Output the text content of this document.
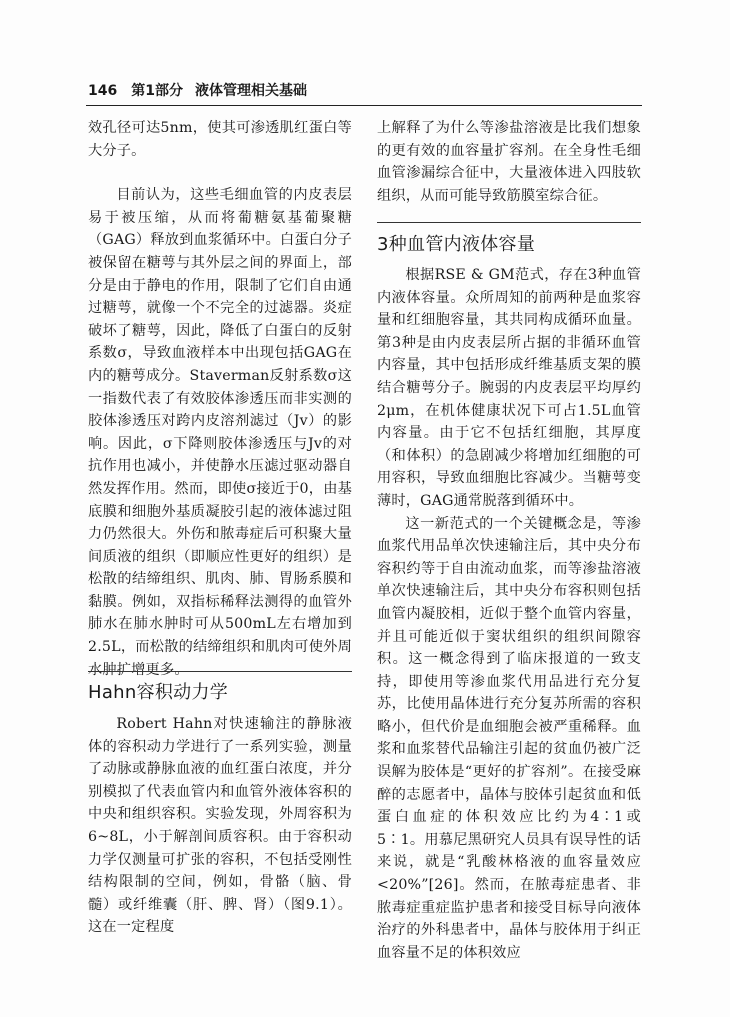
146 第1部分 液体管理相关基础

效孔径可达5nm，使其可渗透肌红蛋白等大分子。

目前认为，这些毛细血管的内皮表层易于被压缩，从而将葡糖氨基葡聚糖（GAG）释放到血浆循环中。白蛋白分子被保留在糖萼与其外层之间的界面上，部分是由于静电的作用，限制了它们自由通过糖萼，就像一个不完全的过滤器。炎症破坏了糖萼，因此，降低了白蛋白的反射系数σ，导致血液样本中出现包括GAG在内的糖萼成分。Staverman反射系数σ这一指数代表了有效胶体渗透压而非实测的胶体渗透压对跨内皮溶剂滤过（Jv）的影响。因此，σ下降则胶体渗透压与Jv的对抗作用也减小，并使静水压滤过驱动器自然发挥作用。然而，即使σ接近于0，由基底膜和细胞外基质凝胶引起的液体滤过阻力仍然很大。外伤和脓毒症后可积聚大量间质液的组织（即顺应性更好的组织）是松散的结缔组织、肌肉、肺、胃肠系膜和黏膜。例如，双指标稀释法测得的血管外肺水在肺水肿时可从500mL左右增加到2.5L，而松散的结缔组织和肌肉可使外周水肿扩增更多。

Hahn容积动力学

Robert Hahn对快速输注的静脉液体的容积动力学进行了一系列实验，测量了动脉或静脉血液的血红蛋白浓度，并分别模拟了代表血管内和血管外液体容积的中央和组织容积。实验发现，外周容积为6~8L，小于解剖间质容积。由于容积动力学仅测量可扩张的容积，不包括受刚性结构限制的空间，例如，骨骼（脑、骨髓）或纤维囊（肝、脾、肾）（图9.1）。这在一定程度

上解释了为什么等渗盐溶液是比我们想象的更有效的血容量扩容剂。在全身性毛细血管渗漏综合征中，大量液体进入四肢软组织，从而可能导致筋膜室综合征。

3种血管内液体容量

根据RSE & GM范式，存在3种血管内液体容量。众所周知的前两种是血浆容量和红细胞容量，其共同构成循环血量。第3种是由内皮表层所占据的非循环血管内容量，其中包括形成纤维基质支架的膜结合糖萼分子。腕弱的内皮表层平均厚约2μm，在机体健康状况下可占1.5L血管内容量。由于它不包括红细胞，其厚度（和体积）的急剧减少将增加红细胞的可用容积，导致血细胞比容减少。当糖萼变薄时，GAG通常脱落到循环中。

这一新范式的一个关键概念是，等渗血浆代用品单次快速输注后，其中央分布容积约等于自由流动血浆，而等渗盐溶液单次快速输注后，其中央分布容积则包括血管内凝胶相，近似于整个血管内容量，并且可能近似于窦状组织的组织间隙容积。这一概念得到了临床报道的一致支持，即使用等渗血浆代用品进行充分复苏，比使用晶体进行充分复苏所需的容积略小，但代价是血细胞会被严重稀释。血浆和血浆替代品输注引起的贫血仍被广泛误解为胶体是“更好的扩容剂”。在接受麻醉的志愿者中，晶体与胶体引起贫血和低蛋白血症的体积效应比约为4∶1或5∶1。用慕尼黑研究人员具有误导性的话来说，就是“乳酸林格液的血容量效应<20%”[26]。然而，在脓毒症患者、非脓毒症重症监护患者和接受目标导向液体治疗的外科患者中，晶体与胶体用于纠正血容量不足的体积效应
